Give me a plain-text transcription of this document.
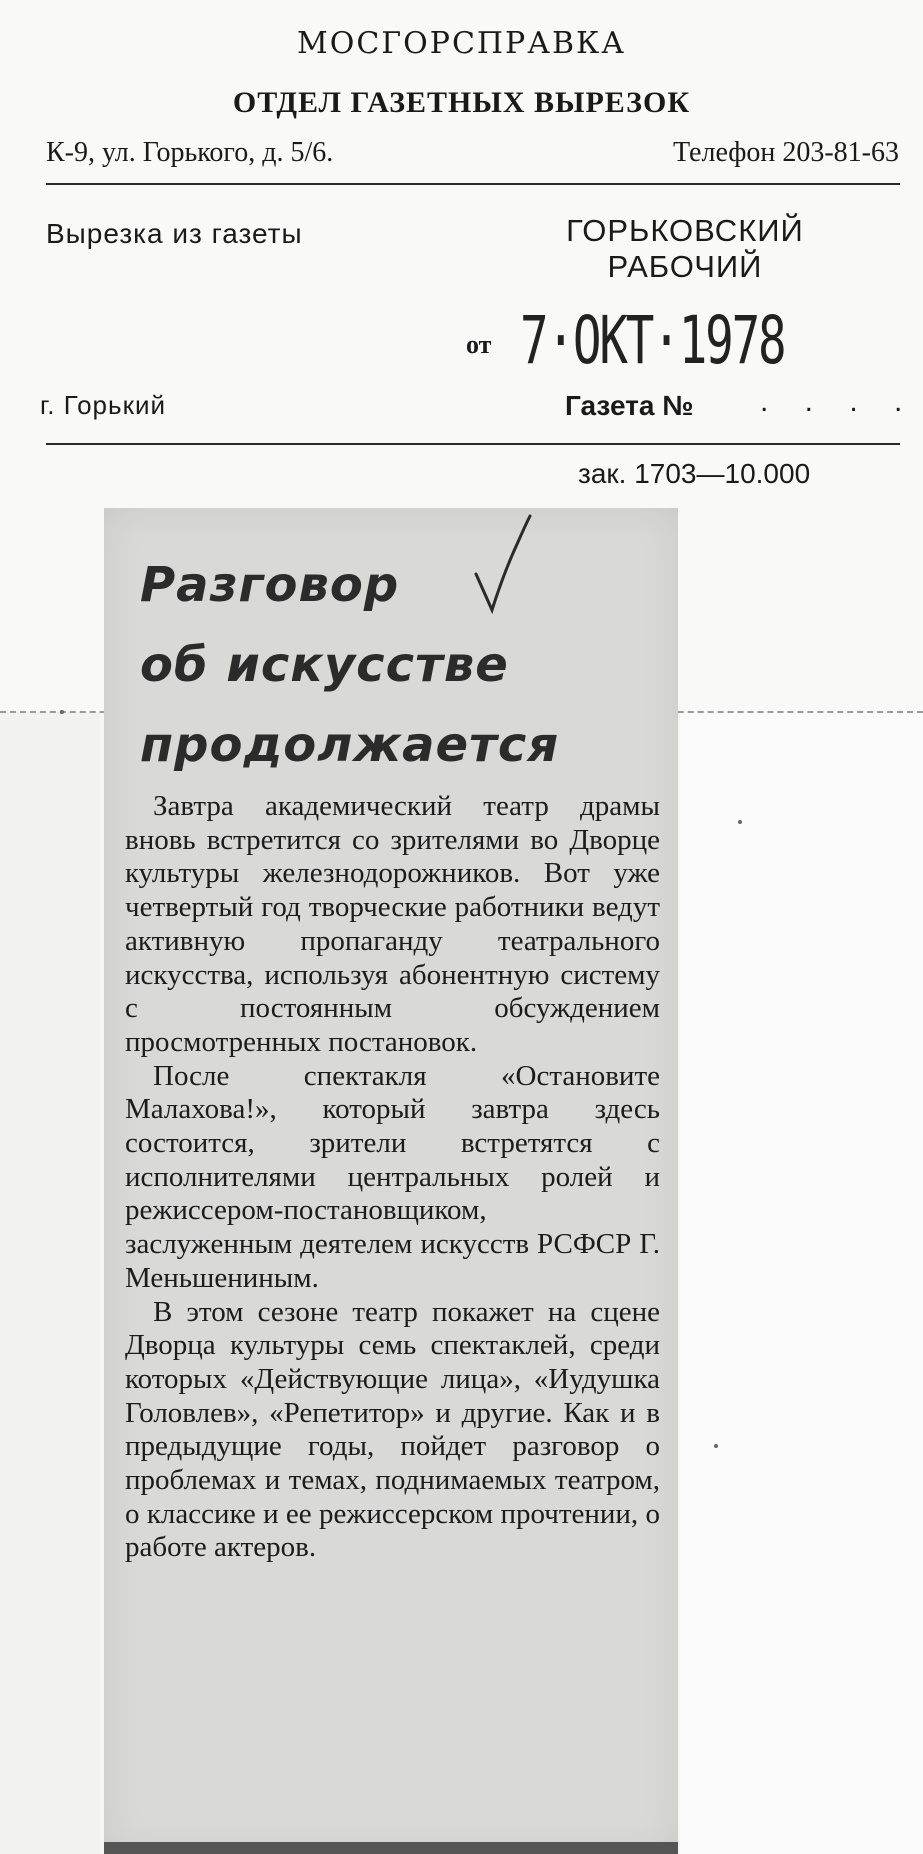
МОСГОРСПРАВКА
ОТДЕЛ ГАЗЕТНЫХ ВЫРЕЗОК
К-9, ул. Горького, д. 5/6.	Телефон 203-81-63
Вырезка из газеты	ГОРЬКОВСКИЙ
РАБОЧИЙ
от 7·ОКТ·1978
г. Горький	Газета № . . . .
зак. 1703—10.000
Разговор
об искусстве
продолжается

Завтра академический театр драмы вновь встретится со зрителями во Дворце культуры железнодорожников. Вот уже четвертый год творческие работники ведут активную пропаганду театрального искусства, используя абонентную систему с постоянным обсуждением просмотренных постановок.

После спектакля «Остановите Малахова!», который завтра здесь состоится, зрители встретятся с исполнителями центральных ролей и режиссером-постановщиком, заслуженным деятелем искусств РСФСР Г. Меньшениным.

В этом сезоне театр покажет на сцене Дворца культуры семь спектаклей, среди которых «Действующие лица», «Иудушка Головлев», «Репетитор» и другие. Как и в предыдущие годы, пойдет разговор о проблемах и темах, поднимаемых театром, о классике и ее режиссерском прочтении, о работе актеров.
